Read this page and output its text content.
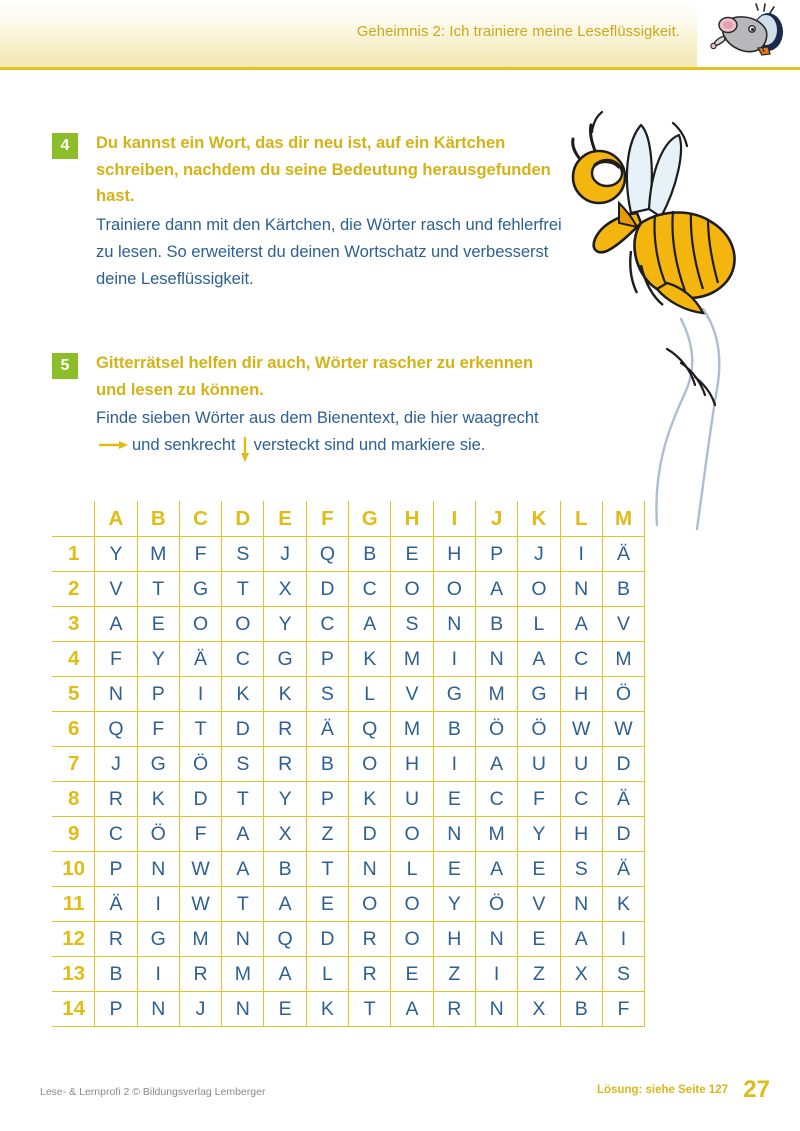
Geheimnis 2: Ich trainiere meine Leseflüssigkeit.
4	Du kannst ein Wort, das dir neu ist, auf ein Kärtchen schreiben, nachdem du seine Bedeutung herausgefunden hast.

Trainiere dann mit den Kärtchen, die Wörter rasch und fehlerfrei zu lesen. So erweiterst du deinen Wortschatz und verbesserst deine Leseflüssigkeit.

5	Gitterrätsel helfen dir auch, Wörter rascher zu erkennen und lesen zu können.

Finde sieben Wörter aus dem Bienentext, die hier waagrechtund senkrecht versteckt sind und markiere sie.

	A	B	C	D	E	F	G	H	I	J	K	L	M
1	Y	M	F	S	J	Q	B	E	H	P	J	I	Ä
2	V	T	G	T	X	D	C	O	O	A	O	N	B
3	A	E	O	O	Y	C	A	S	N	B	L	A	V
4	F	Y	Ä	C	G	P	K	M	I	N	A	C	M
5	N	P	I	K	K	S	L	V	G	M	G	H	Ö
6	Q	F	T	D	R	Ä	Q	M	B	Ö	Ö	W	W
7	J	G	Ö	S	R	B	O	H	I	A	U	U	D
8	R	K	D	T	Y	P	K	U	E	C	F	C	Ä
9	C	Ö	F	A	X	Z	D	O	N	M	Y	H	D
10	P	N	W	A	B	T	N	L	E	A	E	S	Ä
11	Ä	I	W	T	A	E	O	O	Y	Ö	V	N	K
12	R	G	M	N	Q	D	R	O	H	N	E	A	I
13	B	I	R	M	A	L	R	E	Z	I	Z	X	S
14	P	N	J	N	E	K	T	A	R	N	X	B	F
Lese- & Lernprofi 2 © Bildungsverlag Lemberger	Lösung: siehe Seite 127 27
